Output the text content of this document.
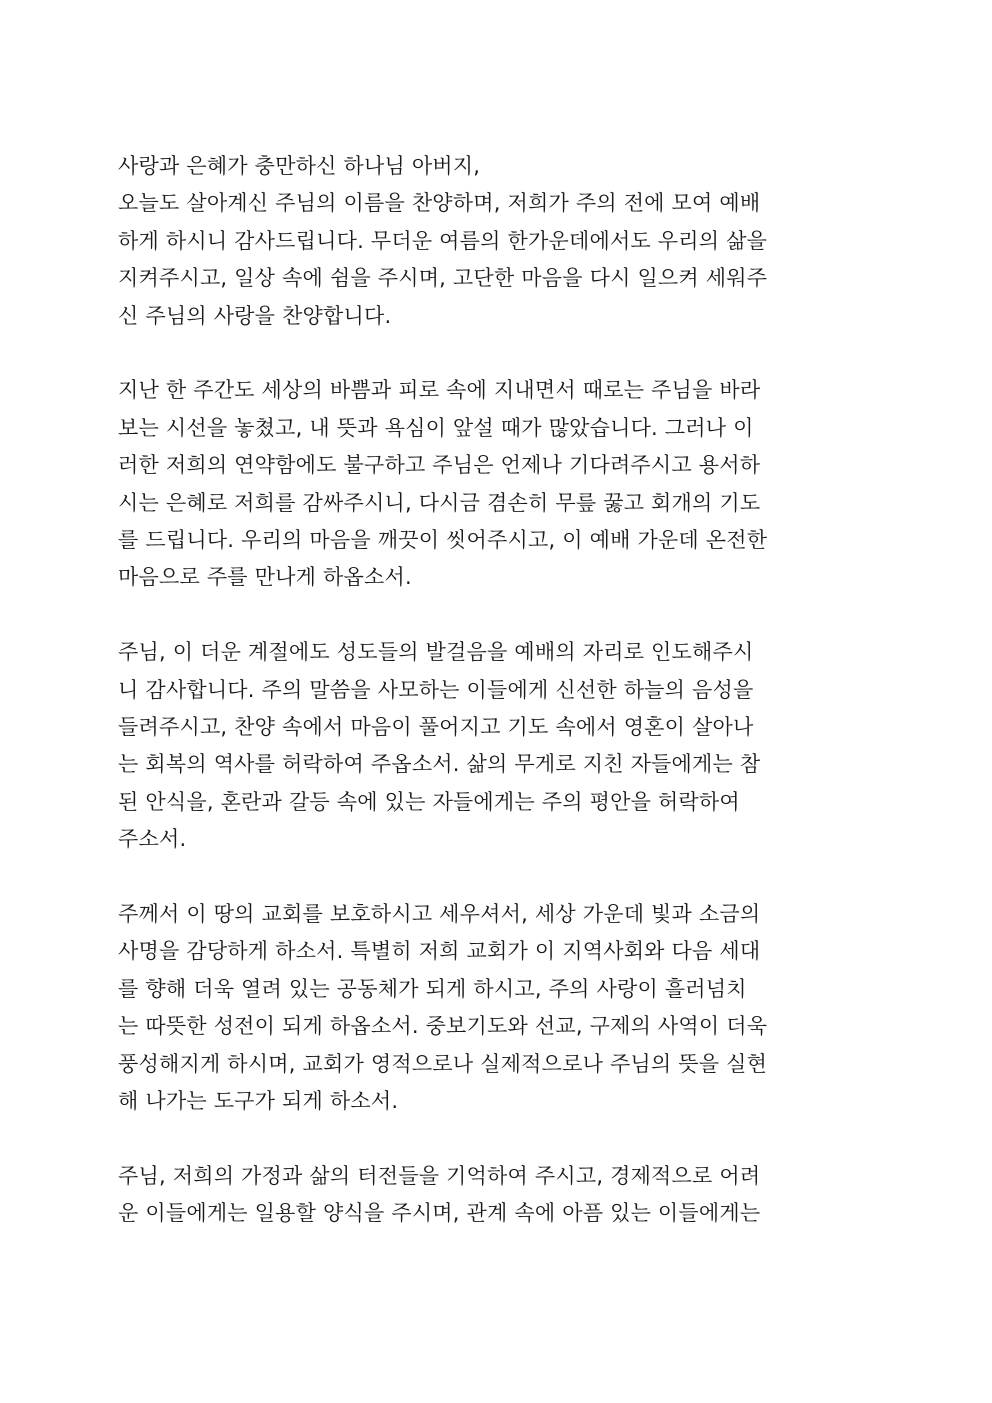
사랑과 은혜가 충만하신 하나님 아버지,
오늘도 살아계신 주님의 이름을 찬양하며, 저희가 주의 전에 모여 예배
하게 하시니 감사드립니다. 무더운 여름의 한가운데에서도 우리의 삶을
지켜주시고, 일상 속에 쉼을 주시며, 고단한 마음을 다시 일으켜 세워주
신 주님의 사랑을 찬양합니다.

지난 한 주간도 세상의 바쁨과 피로 속에 지내면서 때로는 주님을 바라
보는 시선을 놓쳤고, 내 뜻과 욕심이 앞설 때가 많았습니다. 그러나 이
러한 저희의 연약함에도 불구하고 주님은 언제나 기다려주시고 용서하
시는 은혜로 저희를 감싸주시니, 다시금 겸손히 무릎 꿇고 회개의 기도
를 드립니다. 우리의 마음을 깨끗이 씻어주시고, 이 예배 가운데 온전한
마음으로 주를 만나게 하옵소서.

주님, 이 더운 계절에도 성도들의 발걸음을 예배의 자리로 인도해주시
니 감사합니다. 주의 말씀을 사모하는 이들에게 신선한 하늘의 음성을
들려주시고, 찬양 속에서 마음이 풀어지고 기도 속에서 영혼이 살아나
는 회복의 역사를 허락하여 주옵소서. 삶의 무게로 지친 자들에게는 참
된 안식을, 혼란과 갈등 속에 있는 자들에게는 주의 평안을 허락하여
주소서.

주께서 이 땅의 교회를 보호하시고 세우셔서, 세상 가운데 빛과 소금의
사명을 감당하게 하소서. 특별히 저희 교회가 이 지역사회와 다음 세대
를 향해 더욱 열려 있는 공동체가 되게 하시고, 주의 사랑이 흘러넘치
는 따뜻한 성전이 되게 하옵소서. 중보기도와 선교, 구제의 사역이 더욱
풍성해지게 하시며, 교회가 영적으로나 실제적으로나 주님의 뜻을 실현
해 나가는 도구가 되게 하소서.

주님, 저희의 가정과 삶의 터전들을 기억하여 주시고, 경제적으로 어려
운 이들에게는 일용할 양식을 주시며, 관계 속에 아픔 있는 이들에게는
